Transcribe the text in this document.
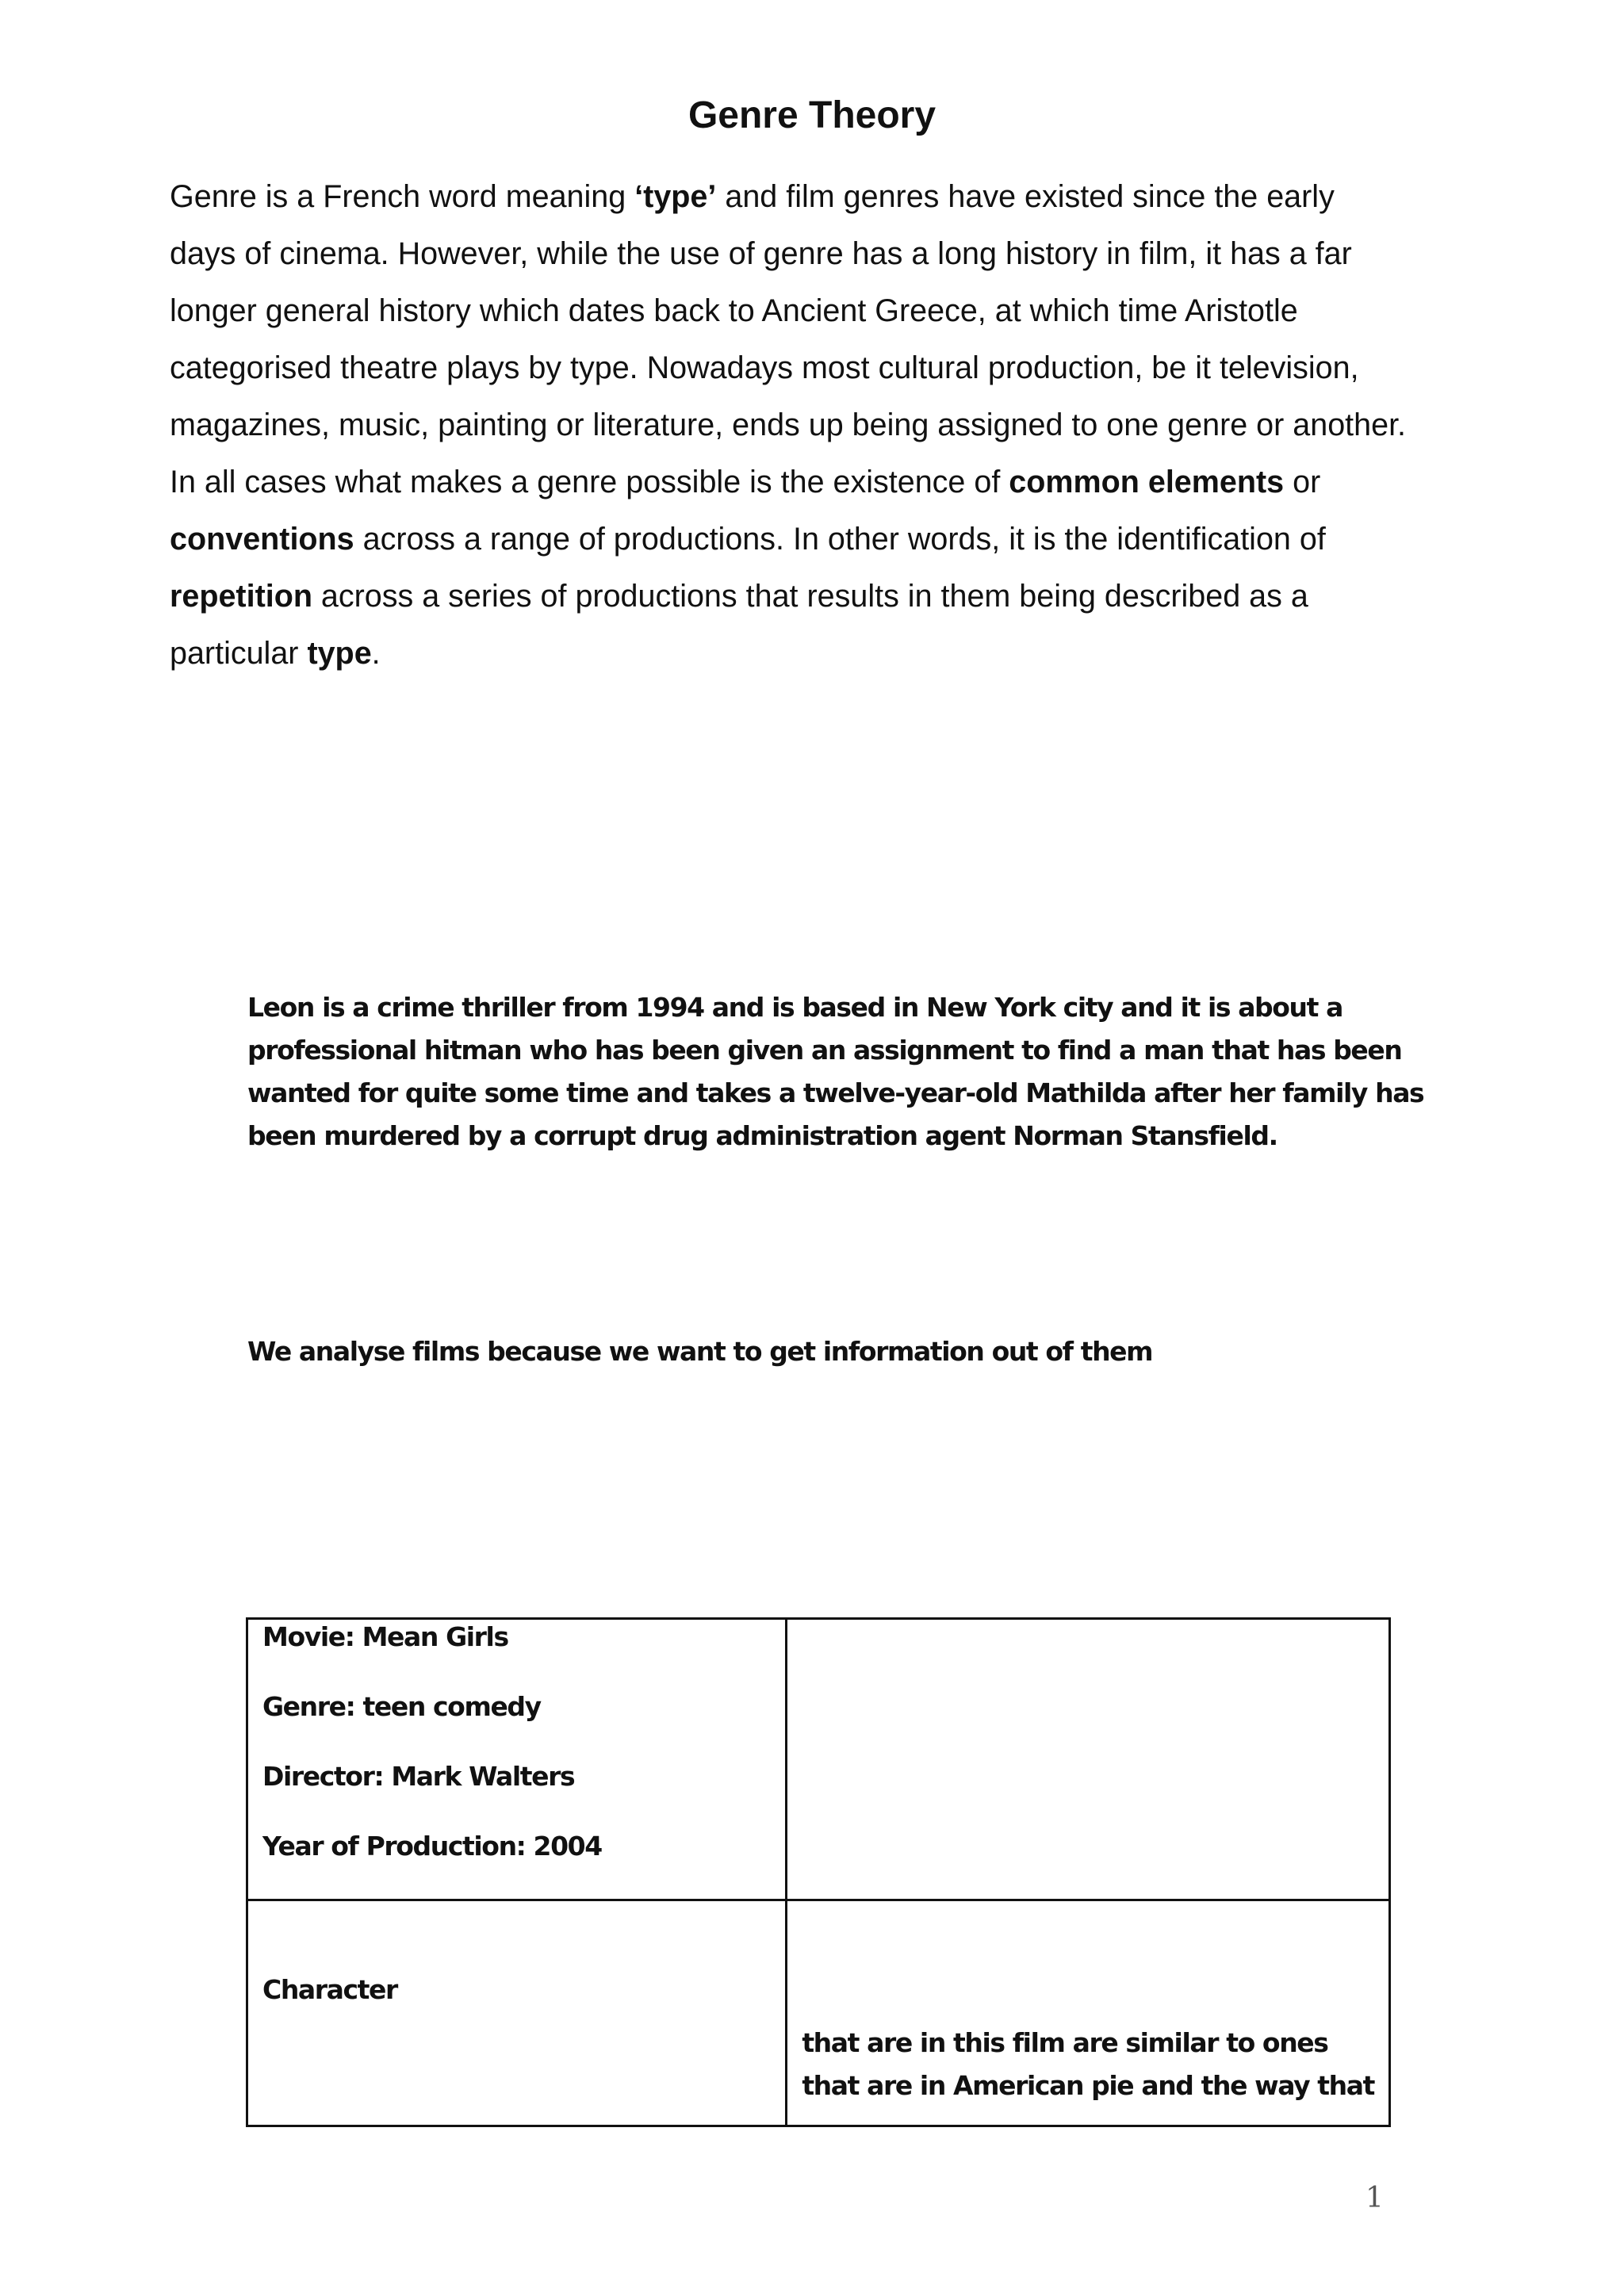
Genre Theory
Genre is a French word meaning ‘type’ and film genres have existed since the early
days of cinema. However, while the use of genre has a long history in film, it has a far
longer general history which dates back to Ancient Greece, at which time Aristotle
categorised theatre plays by type. Nowadays most cultural production, be it television,
magazines, music, painting or literature, ends up being assigned to one genre or another.
In all cases what makes a genre possible is the existence of common elements or
conventions across a range of productions. In other words, it is the identification of
repetition across a series of productions that results in them being described as a
particular type.
Leon is a crime thriller from 1994 and is based in New York city and it is about a
professional hitman who has been given an assignment to find a man that has been
wanted for quite some time and takes a twelve-year-old Mathilda after her family has
been murdered by a corrupt drug administration agent Norman Stansfield.

We analyse films because we want to get information out of them

Movie: Mean Girls

Genre: teen comedy

Director: Mark Walters

Year of Production: 2004	

Character	that are in this film are similar to ones
that are in American pie and the way that
1
